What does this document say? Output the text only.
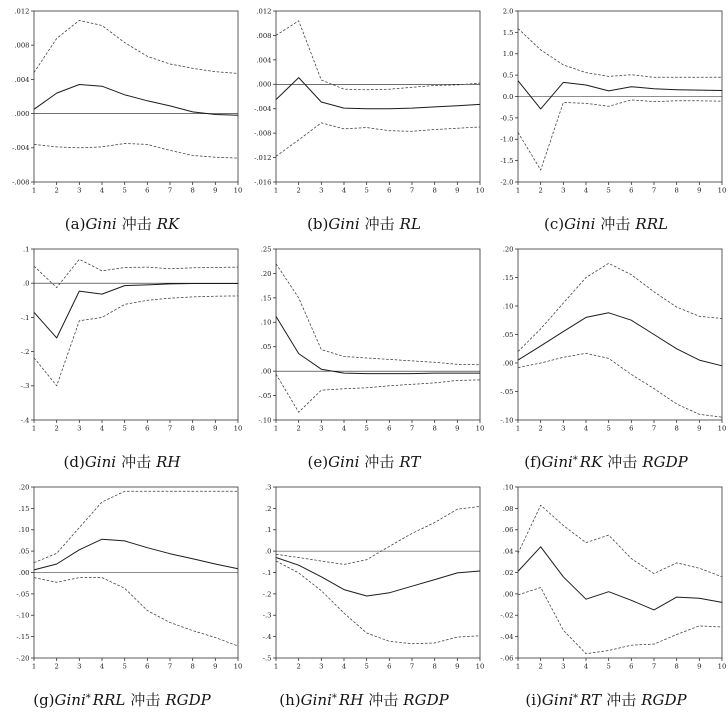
.012
.008
.004
.000
-.004
-.008
1	2	3	4	5	6	7	8	9 10
(a)Gini 冲击 RK
.012
.008
.004
.000
-.004
-.008
-.012
-.016
1	2	3	4	5	6	7	8	9 10
(b)Gini 冲击 RL
2.0
1.5
1.0
0.5
0.0
-0.5
-1.0
-1.5
-2.0
1	2	3	4	5	6	7	8	9 10
(c)Gini 冲击 RRL
.1
.0
-.1
-.2
-.3
-.4
1	2	3	4	5	6	7	8	9 10
(d)Gini 冲击 RH
.25
.20
.15
.10
.05
.00
-.05
-.10
1	2	3	4	5	6	7	8	9 10
(e)Gini 冲击 RT
.20
.15
.10
.05
.00
-.05
-.10
1	2	3	4	5	6	7	8	9 10
(f)Gini* RK 冲击 RGDP
.20
.15
.10
.05
.00
-.05
-.10
-.15
-.20
1	2	3	4	5	6	7	8	9 10
(g)Gini* RRL 冲击 RGDP
.3
.2
.1
.0
-.1
-.2
-.3
-.4
-.5
1	2	3	4	5	6	7	8	9 10
(h)Gini* RH 冲击 RGDP
.10
.08
.06
.04
.02
.00
-.02
-.04
-.06
1	2	3	4	5	6	7	8	9 10
(i)Gini* RT 冲击 RGDP
